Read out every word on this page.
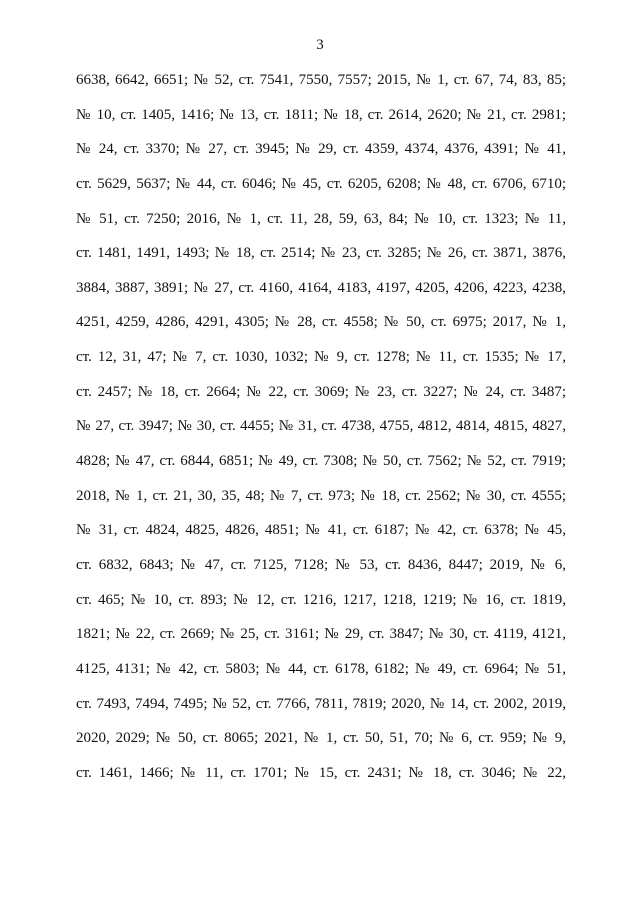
3
6638, 6642, 6651; № 52, ст. 7541, 7550, 7557; 2015, № 1, ст. 67, 74, 83, 85;
№ 10, ст. 1405, 1416; № 13, ст. 1811; № 18, ст. 2614, 2620; № 21, ст. 2981;
№ 24, ст. 3370; № 27, ст. 3945; № 29, ст. 4359, 4374, 4376, 4391; № 41,
ст. 5629, 5637; № 44, ст. 6046; № 45, ст. 6205, 6208; № 48, ст. 6706, 6710;
№ 51, ст. 7250; 2016, № 1, ст. 11, 28, 59, 63, 84; № 10, ст. 1323; № 11,
ст. 1481, 1491, 1493; № 18, ст. 2514; № 23, ст. 3285; № 26, ст. 3871, 3876,
3884, 3887, 3891; № 27, ст. 4160, 4164, 4183, 4197, 4205, 4206, 4223, 4238,
4251, 4259, 4286, 4291, 4305; № 28, ст. 4558; № 50, ст. 6975; 2017, № 1,
ст. 12, 31, 47; № 7, ст. 1030, 1032; № 9, ст. 1278; № 11, ст. 1535; № 17,
ст. 2457; № 18, ст. 2664; № 22, ст. 3069; № 23, ст. 3227; № 24, ст. 3487;
№ 27, ст. 3947; № 30, ст. 4455; № 31, ст. 4738, 4755, 4812, 4814, 4815, 4827,
4828; № 47, ст. 6844, 6851; № 49, ст. 7308; № 50, ст. 7562; № 52, ст. 7919;
2018, № 1, ст. 21, 30, 35, 48; № 7, ст. 973; № 18, ст. 2562; № 30, ст. 4555;
№ 31, ст. 4824, 4825, 4826, 4851; № 41, ст. 6187; № 42, ст. 6378; № 45,
ст. 6832, 6843; № 47, ст. 7125, 7128; № 53, ст. 8436, 8447; 2019, № 6,
ст. 465; № 10, ст. 893; № 12, ст. 1216, 1217, 1218, 1219; № 16, ст. 1819,
1821; № 22, ст. 2669; № 25, ст. 3161; № 29, ст. 3847; № 30, ст. 4119, 4121,
4125, 4131; № 42, ст. 5803; № 44, ст. 6178, 6182; № 49, ст. 6964; № 51,
ст. 7493, 7494, 7495; № 52, ст. 7766, 7811, 7819; 2020, № 14, ст. 2002, 2019,
2020, 2029; № 50, ст. 8065; 2021, № 1, ст. 50, 51, 70; № 6, ст. 959; № 9,
ст. 1461, 1466; № 11, ст. 1701; № 15, ст. 2431; № 18, ст. 3046; № 22,
